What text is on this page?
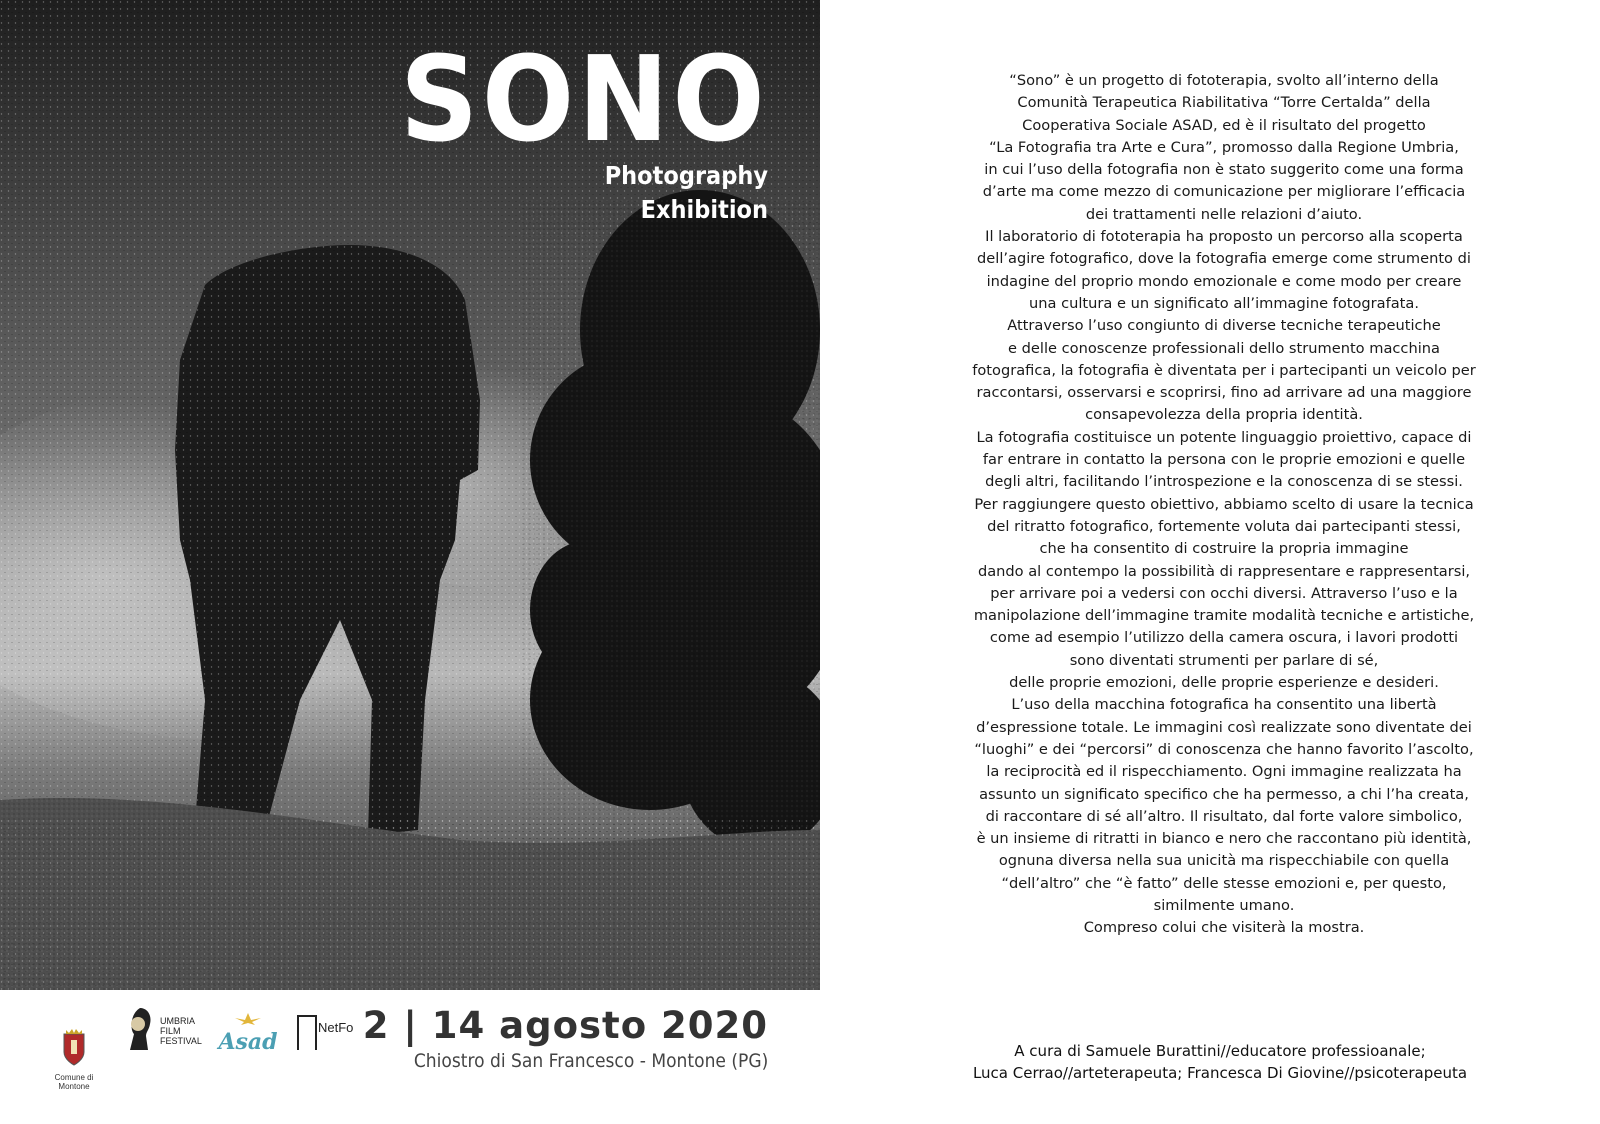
SONO
Photography
Exhibition
Comune di Montone
UMBRIA
FILM
FESTIVAL Asad
NetFo 2 | 14 agosto 2020
Chiostro di San Francesco - Montone (PG)

“Sono” è un progetto di fototerapia, svolto all’interno della

Comunità Terapeutica Riabilitativa “Torre Certalda” della

Cooperativa Sociale ASAD, ed è il risultato del progetto

“La Fotografia tra Arte e Cura”, promosso dalla Regione Umbria,

in cui l’uso della fotografia non è stato suggerito come una forma

d’arte ma come mezzo di comunicazione per migliorare l’efficacia

dei trattamenti nelle relazioni d’aiuto.

Il laboratorio di fototerapia ha proposto un percorso alla scoperta

dell’agire fotografico, dove la fotografia emerge come strumento di

indagine del proprio mondo emozionale e come modo per creare

una cultura e un significato all’immagine fotografata.

Attraverso l’uso congiunto di diverse tecniche terapeutiche

e delle conoscenze professionali dello strumento macchina

fotografica, la fotografia è diventata per i partecipanti un veicolo per

raccontarsi, osservarsi e scoprirsi, fino ad arrivare ad una maggiore

consapevolezza della propria identità.

La fotografia costituisce un potente linguaggio proiettivo, capace di

far entrare in contatto la persona con le proprie emozioni e quelle

degli altri, facilitando l’introspezione e la conoscenza di se stessi.

Per raggiungere questo obiettivo, abbiamo scelto di usare la tecnica

del ritratto fotografico, fortemente voluta dai partecipanti stessi,

che ha consentito di costruire la propria immagine

dando al contempo la possibilità di rappresentare e rappresentarsi,

per arrivare poi a vedersi con occhi diversi. Attraverso l’uso e la

manipolazione dell’immagine tramite modalità tecniche e artistiche,

come ad esempio l’utilizzo della camera oscura, i lavori prodotti

sono diventati strumenti per parlare di sé,

delle proprie emozioni, delle proprie esperienze e desideri.

L’uso della macchina fotografica ha consentito una libertà

d’espressione totale. Le immagini così realizzate sono diventate dei

“luoghi” e dei “percorsi” di conoscenza che hanno favorito l’ascolto,

la reciprocità ed il rispecchiamento. Ogni immagine realizzata ha

assunto un significato specifico che ha permesso, a chi l’ha creata,

di raccontare di sé all’altro. Il risultato, dal forte valore simbolico,

è un insieme di ritratti in bianco e nero che raccontano più identità,

ognuna diversa nella sua unicità ma rispecchiabile con quella

“dell’altro” che “è fatto” delle stesse emozioni e, per questo,

similmente umano.

Compreso colui che visiterà la mostra.

A cura di Samuele Burattini//educatore professioanale;

Luca Cerrao//arteterapeuta; Francesca Di Giovine//psicoterapeuta
